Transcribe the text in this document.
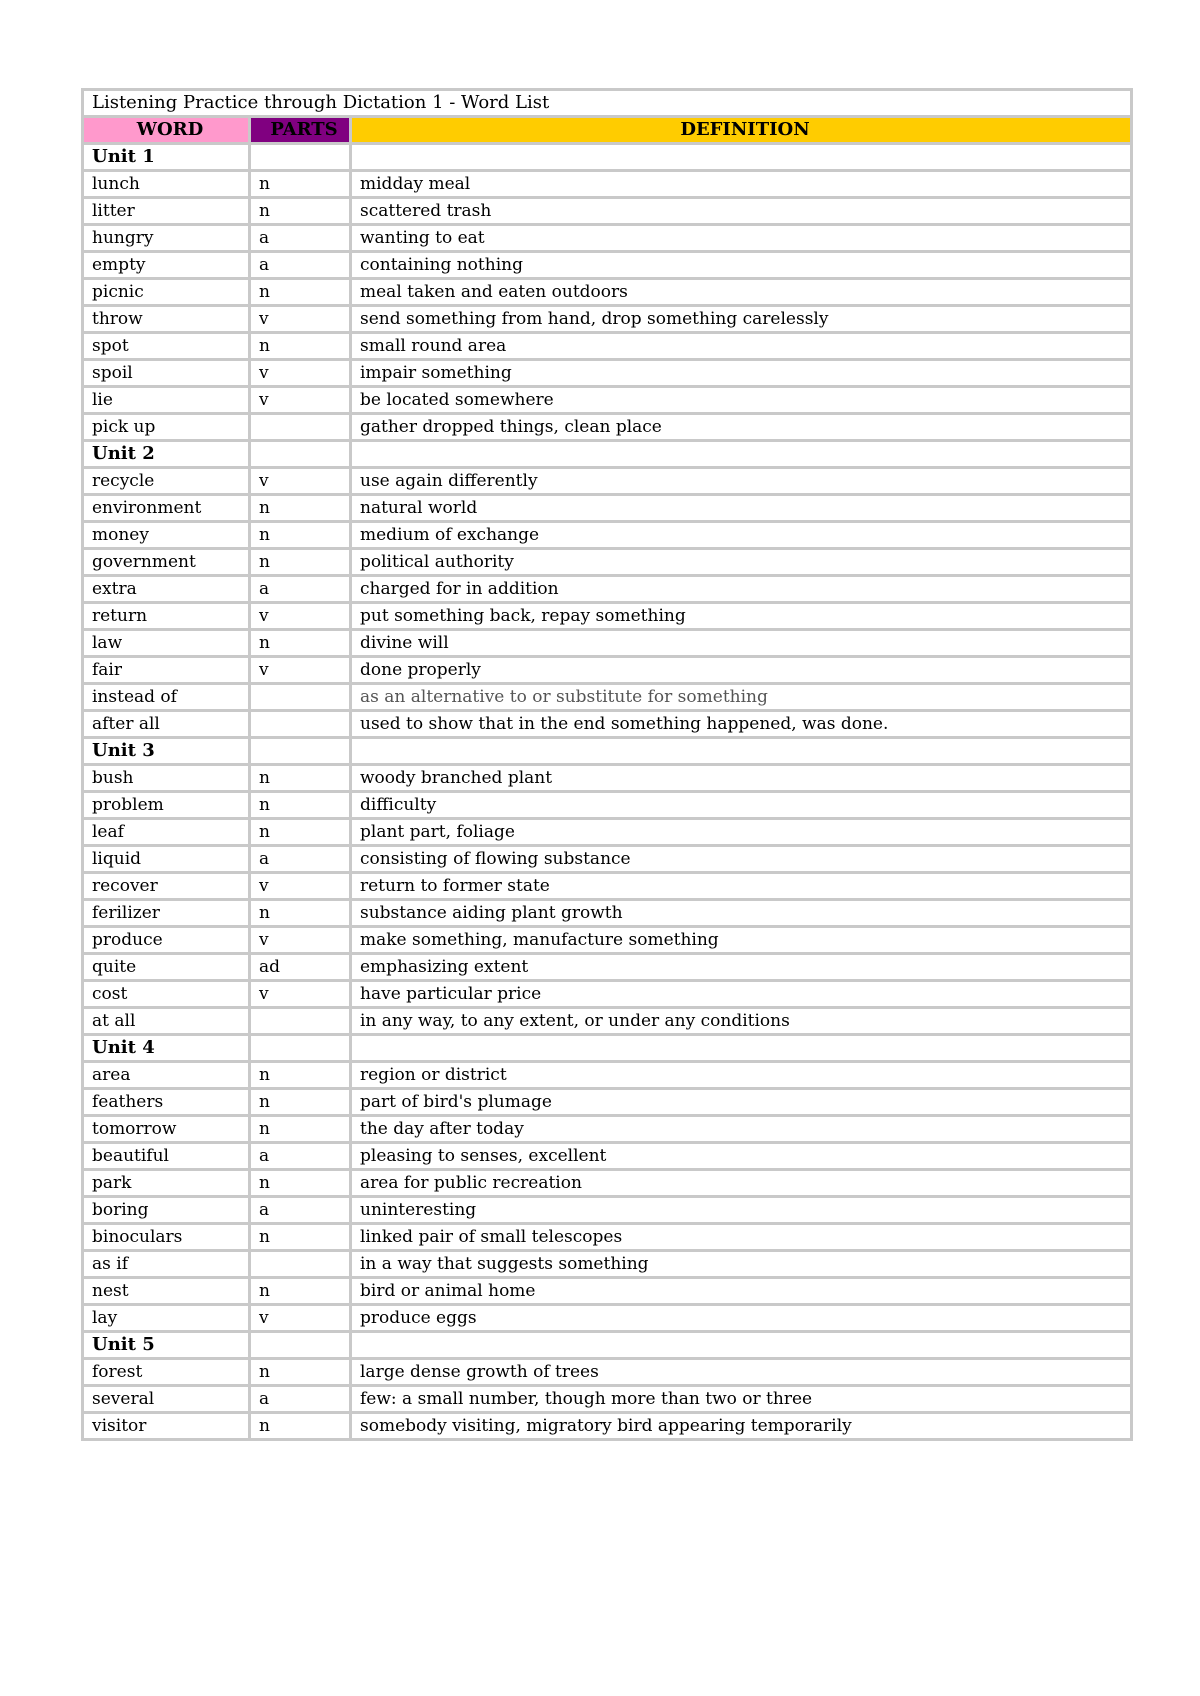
Listening Practice through Dictation 1 - Word List		
WORD	PARTS	DEFINITION
Unit 1		
lunch	n	midday meal
litter	n	scattered trash
hungry	a	wanting to eat
empty	a	containing nothing
picnic	n	meal taken and eaten outdoors
throw	v	send something from hand, drop something carelessly
spot	n	small round area
spoil	v	impair something
lie	v	be located somewhere
pick up		gather dropped things, clean place
Unit 2		
recycle	v	use again differently
environment	n	natural world
money	n	medium of exchange
government	n	political authority
extra	a	charged for in addition
return	v	put something back, repay something
law	n	divine will
fair	v	done properly
instead of		as an alternative to or substitute for something
after all		used to show that in the end something happened, was done.
Unit 3		
bush	n	woody branched plant
problem	n	difficulty
leaf	n	plant part, foliage
liquid	a	consisting of flowing substance
recover	v	return to former state
ferilizer	n	substance aiding plant growth
produce	v	make something, manufacture something
quite	ad	emphasizing extent
cost	v	have particular price
at all		in any way, to any extent, or under any conditions
Unit 4		
area	n	region or district
feathers	n	part of bird's plumage
tomorrow	n	the day after today
beautiful	a	pleasing to senses, excellent
park	n	area for public recreation
boring	a	uninteresting
binoculars	n	linked pair of small telescopes
as if		in a way that suggests something
nest	n	bird or animal home
lay	v	produce eggs
Unit 5		
forest	n	large dense growth of trees
several	a	few: a small number, though more than two or three
visitor	n	somebody visiting, migratory bird appearing temporarily
